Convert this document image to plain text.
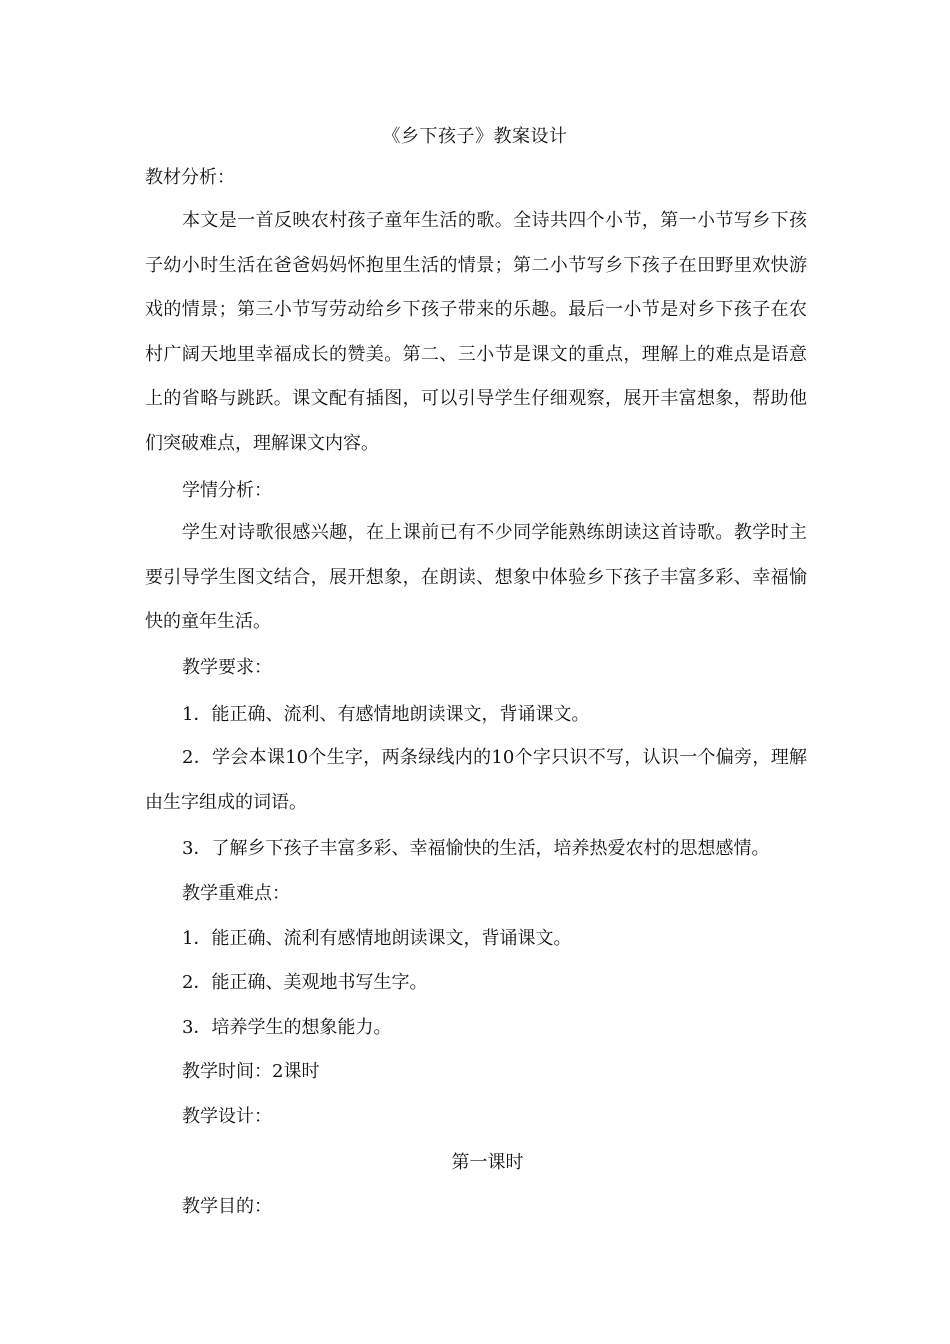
《乡下孩子》教案设计
教材分析：
本文是一首反映农村孩子童年生活的歌。全诗共四个小节，第一小节写乡下孩子幼小时生活在爸爸妈妈怀抱里生活的情景；第二小节写乡下孩子在田野里欢快游戏的情景；第三小节写劳动给乡下孩子带来的乐趣。最后一小节是对乡下孩子在农村广阔天地里幸福成长的赞美。第二、三小节是课文的重点，理解上的难点是语意上的省略与跳跃。课文配有插图，可以引导学生仔细观察，展开丰富想象，帮助他们突破难点，理解课文内容。
学情分析：
学生对诗歌很感兴趣，在上课前已有不少同学能熟练朗读这首诗歌。教学时主要引导学生图文结合，展开想象，在朗读、想象中体验乡下孩子丰富多彩、幸福愉快的童年生活。
教学要求：
1．能正确、流利、有感情地朗读课文，背诵课文。
2．学会本课10个生字，两条绿线内的10个字只识不写，认识一个偏旁，理解由生字组成的词语。
3．了解乡下孩子丰富多彩、幸福愉快的生活，培养热爱农村的思想感情。
教学重难点：
1．能正确、流利有感情地朗读课文，背诵课文。
2．能正确、美观地书写生字。
3．培养学生的想象能力。
教学时间：2课时
教学设计：
第一课时
教学目的：
